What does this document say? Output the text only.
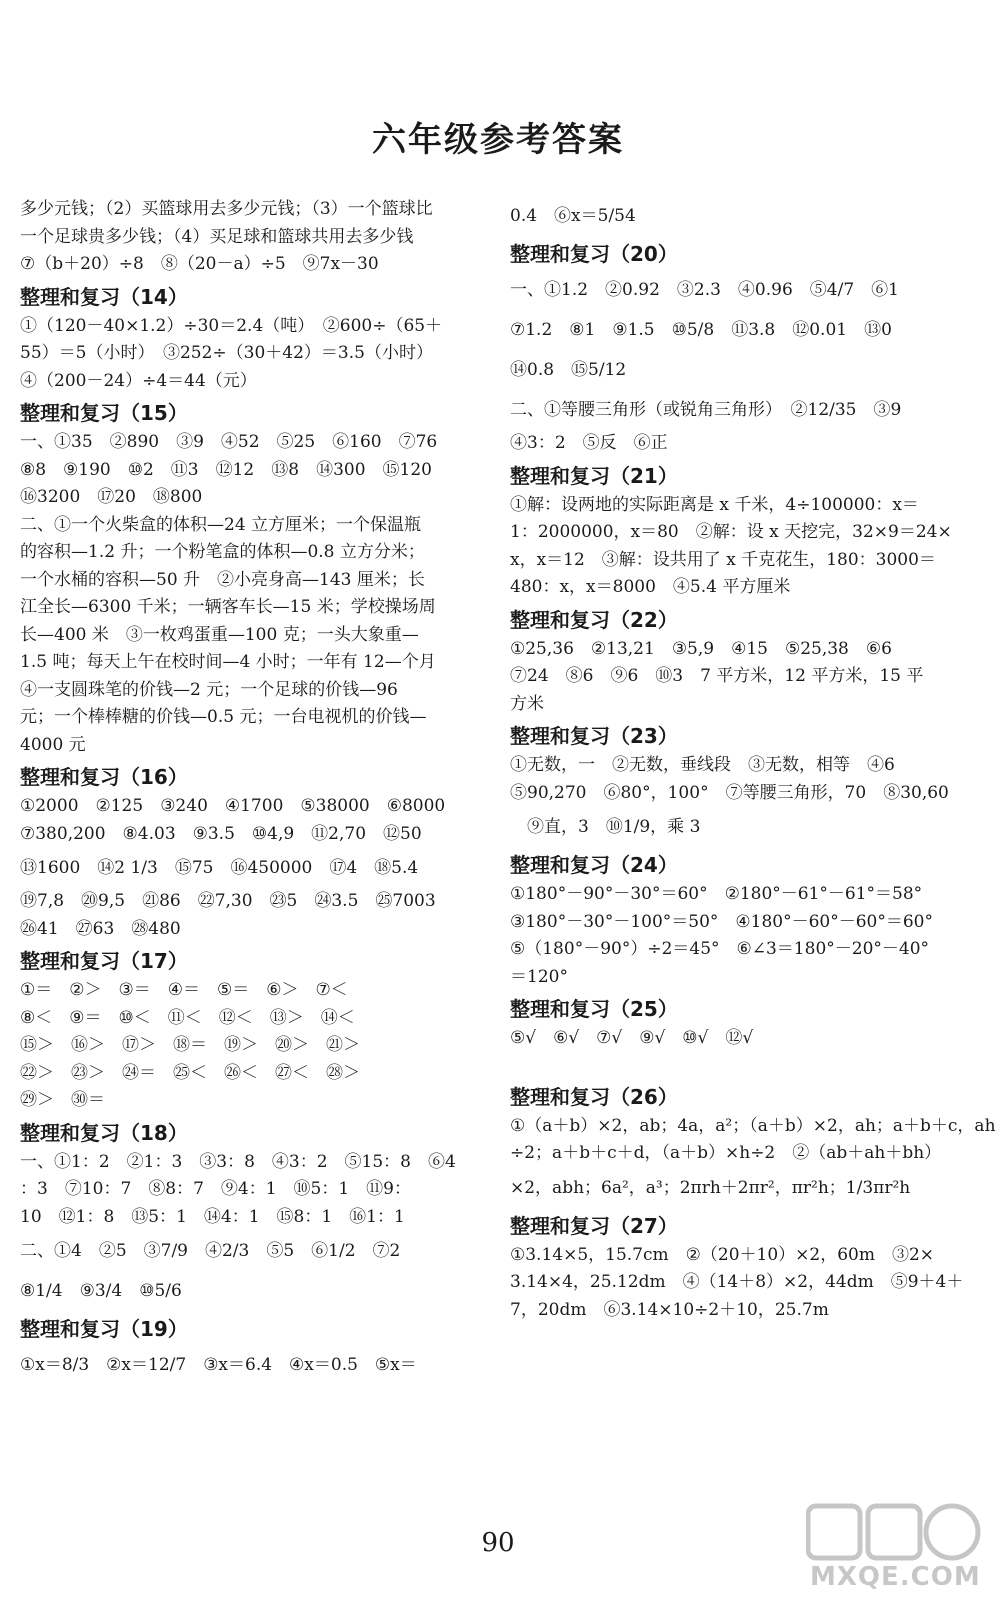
六年级参考答案
多少元钱；（2）买篮球用去多少元钱；（3）一个篮球比
一个足球贵多少钱；（4）买足球和篮球共用去多少钱
⑦（b＋20）÷8　⑧（20－a）÷5　⑨7x－30
整理和复习（14）
①（120－40×1.2）÷30＝2.4（吨）　②600÷（65＋
55）＝5（小时）　③252÷（30＋42）＝3.5（小时）
④（200－24）÷4＝44（元）
整理和复习（15）
一、①35　②890　③9　④52　⑤25　⑥160　⑦76
⑧8　⑨190　⑩2　⑪3　⑫12　⑬8　⑭300　⑮120
⑯3200　⑰20　⑱800
二、①一个火柴盒的体积—24 立方厘米；一个保温瓶
的容积—1.2 升；一个粉笔盒的体积—0.8 立方分米；
一个水桶的容积—50 升　②小亮身高—143 厘米；长
江全长—6300 千米；一辆客车长—15 米；学校操场周
长—400 米　③一枚鸡蛋重—100 克；一头大象重—
1.5 吨；每天上午在校时间—4 小时；一年有 12—个月
④一支圆珠笔的价钱—2 元；一个足球的价钱—96
元；一个棒棒糖的价钱—0.5 元；一台电视机的价钱—
4000 元
整理和复习（16）
①2000　②125　③240　④1700　⑤38000　⑥8000
⑦380,200　⑧4.03　⑨3.5　⑩4,9　⑪2,70　⑫50
⑬1600　⑭2 1/3　⑮75　⑯450000　⑰4　⑱5.4
⑲7,8　⑳9,5　㉑86　㉒7,30　㉓5　㉔3.5　㉕7003
㉖41　㉗63　㉘480
整理和复习（17）
①＝　②＞　③＝　④＝　⑤＝　⑥＞　⑦＜
⑧＜　⑨＝　⑩＜　⑪＜　⑫＜　⑬＞　⑭＜
⑮＞　⑯＞　⑰＞　⑱＝　⑲＞　⑳＞　㉑＞
㉒＞　㉓＞　㉔＝　㉕＜　㉖＜　㉗＜　㉘＞
㉙＞　㉚＝
整理和复习（18）
一、①1：2　②1：3　③3：8　④3：2　⑤15：8　⑥4
：3　⑦10：7　⑧8：7　⑨4：1　⑩5：1　⑪9：
10　⑫1：8　⑬5：1　⑭4：1　⑮8：1　⑯1：1
二、①4　②5　③7/9　④2/3　⑤5　⑥1/2　⑦2
⑧1/4　⑨3/4　⑩5/6
整理和复习（19）
①x＝8/3　②x＝12/7　③x＝6.4　④x＝0.5　⑤x＝
0.4　⑥x＝5/54
整理和复习（20）
一、①1.2　②0.92　③2.3　④0.96　⑤4/7　⑥1
⑦1.2　⑧1　⑨1.5　⑩5/8　⑪3.8　⑫0.01　⑬0
⑭0.8　⑮5/12
二、①等腰三角形（或锐角三角形）　②12/35　③9
④3：2　⑤反　⑥正
整理和复习（21）
①解：设两地的实际距离是 x 千米，4÷100000：x＝
1：2000000，x＝80　②解：设 x 天挖完，32×9＝24×
x，x＝12　③解：设共用了 x 千克花生，180：3000＝
480：x，x＝8000　④5.4 平方厘米
整理和复习（22）
①25,36　②13,21　③5,9　④15　⑤25,38　⑥6
⑦24　⑧6　⑨6　⑩3　7 平方米，12 平方米，15 平
方米
整理和复习（23）
①无数，一　②无数，垂线段　③无数，相等　④6
⑤90,270　⑥80°，100°　⑦等腰三角形，70　⑧30,60
　⑨直，3　⑩1/9，乘 3
整理和复习（24）
①180°－90°－30°＝60°　②180°－61°－61°＝58°
③180°－30°－100°＝50°　④180°－60°－60°＝60°
⑤（180°－90°）÷2＝45°　⑥∠3＝180°－20°－40°
＝120°
整理和复习（25）
⑤√　⑥√　⑦√　⑨√　⑩√　⑫√
整理和复习（26）
①（a＋b）×2，ab；4a，a²；（a＋b）×2，ah；a＋b＋c，ah
÷2；a＋b＋c＋d，（a＋b）×h÷2　②（ab＋ah＋bh）
×2，abh；6a²，a³；2πrh＋2πr²，πr²h；1/3πr²h
整理和复习（27）
①3.14×5，15.7cm　②（20＋10）×2，60m　③2×
3.14×4，25.12dm　④（14＋8）×2，44dm　⑤9＋4＋
7，20dm　⑥3.14×10÷2＋10，25.7m
90
MXQE.COM
